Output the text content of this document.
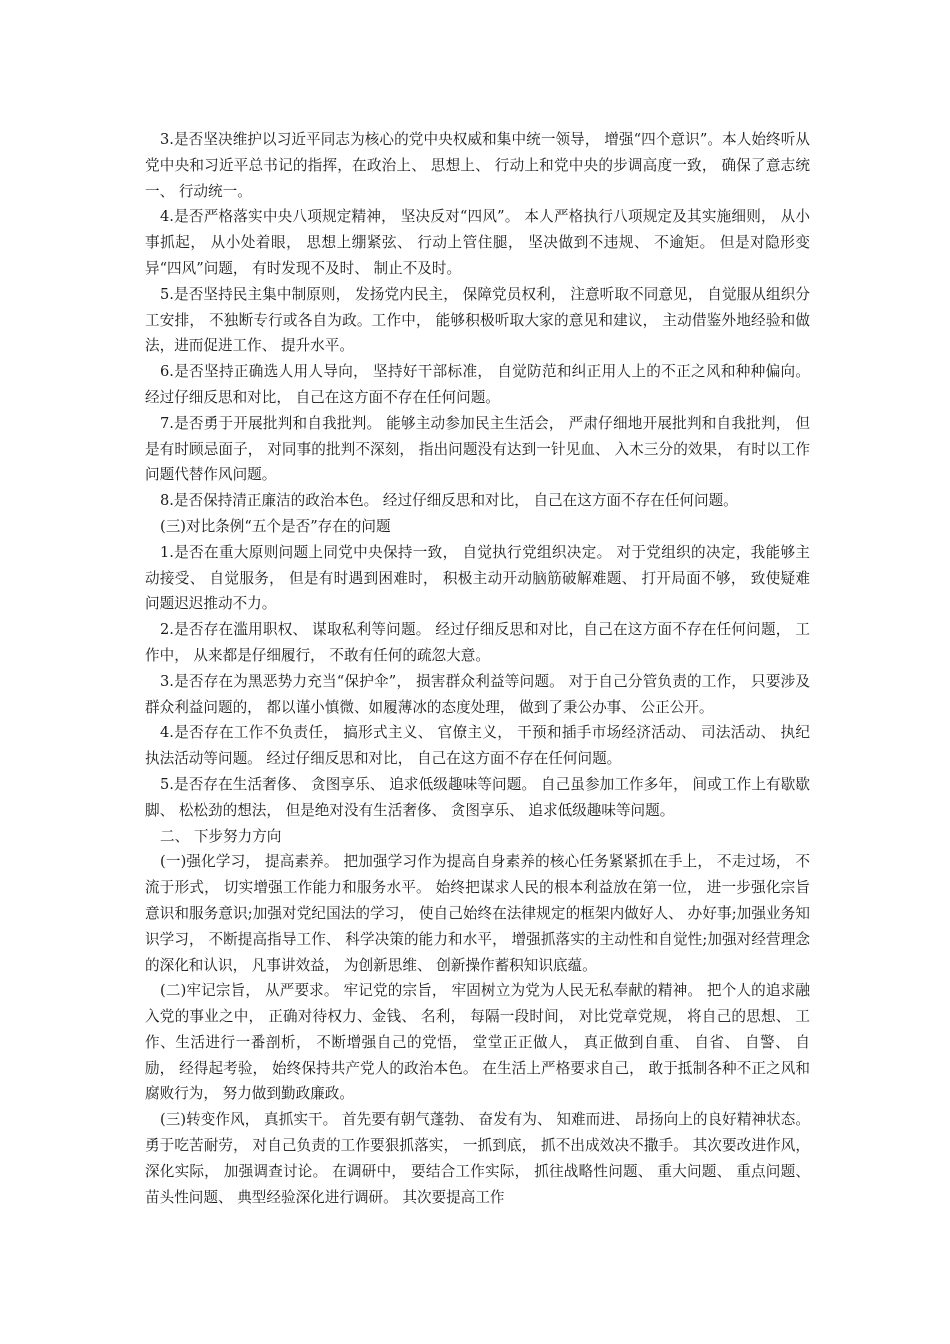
3.是否坚决维护以习近平同志为核心的党中央权威和集中统一领导， 增强“四个意识”。本人始终听从党中央和习近平总书记的指挥，在政治上、 思想上、 行动上和党中央的步调高度一致， 确保了意志统一、 行动统一。

4.是否严格落实中央八项规定精神， 坚决反对“四风”。 本人严格执行八项规定及其实施细则， 从小事抓起， 从小处着眼， 思想上绷紧弦、 行动上管住腿， 坚决做到不违规、 不逾矩。 但是对隐形变异“四风”问题， 有时发现不及时、 制止不及时。

5.是否坚持民主集中制原则， 发扬党内民主， 保障党员权利， 注意听取不同意见， 自觉服从组织分工安排， 不独断专行或各自为政。工作中， 能够积极听取大家的意见和建议， 主动借鉴外地经验和做法，进而促进工作、 提升水平。

6.是否坚持正确选人用人导向， 坚持好干部标准， 自觉防范和纠正用人上的不正之风和种种偏向。 经过仔细反思和对比， 自己在这方面不存在任何问题。

7.是否勇于开展批判和自我批判。 能够主动参加民主生活会， 严肃仔细地开展批判和自我批判， 但是有时顾忌面子， 对同事的批判不深刻， 指出问题没有达到一针见血、 入木三分的效果， 有时以工作问题代替作风问题。

8.是否保持清正廉洁的政治本色。 经过仔细反思和对比， 自己在这方面不存在任何问题。

(三)对比条例“五个是否”存在的问题

1.是否在重大原则问题上同党中央保持一致， 自觉执行党组织决定。 对于党组织的决定，我能够主动接受、 自觉服务， 但是有时遇到困难时， 积极主动开动脑筋破解难题、 打开局面不够， 致使疑难问题迟迟推动不力。

2.是否存在滥用职权、 谋取私利等问题。 经过仔细反思和对比，自己在这方面不存在任何问题， 工作中， 从来都是仔细履行， 不敢有任何的疏忽大意。

3.是否存在为黑恶势力充当“保护伞”， 损害群众利益等问题。 对于自己分管负责的工作， 只要涉及群众利益问题的， 都以谨小慎微、如履薄冰的态度处理， 做到了秉公办事、 公正公开。

4.是否存在工作不负责任， 搞形式主义、 官僚主义， 干预和插手市场经济活动、 司法活动、 执纪执法活动等问题。 经过仔细反思和对比， 自己在这方面不存在任何问题。

5.是否存在生活奢侈、 贪图享乐、 追求低级趣味等问题。 自己虽参加工作多年， 间或工作上有歇歇脚、 松松劲的想法， 但是绝对没有生活奢侈、 贪图享乐、 追求低级趣味等问题。

二、 下步努力方向

(一)强化学习， 提高素养。 把加强学习作为提高自身素养的核心任务紧紧抓在手上， 不走过场， 不流于形式， 切实增强工作能力和服务水平。 始终把谋求人民的根本利益放在第一位， 进一步强化宗旨意识和服务意识;加强对党纪国法的学习， 使自己始终在法律规定的框架内做好人、 办好事;加强业务知识学习， 不断提高指导工作、 科学决策的能力和水平， 增强抓落实的主动性和自觉性;加强对经营理念的深化和认识， 凡事讲效益， 为创新思维、 创新操作蓄积知识底蕴。

(二)牢记宗旨， 从严要求。 牢记党的宗旨， 牢固树立为党为人民无私奉献的精神。 把个人的追求融入党的事业之中， 正确对待权力、金钱、 名利， 每隔一段时间， 对比党章党规， 将自己的思想、 工作、生活进行一番剖析， 不断增强自己的党悟， 堂堂正正做人， 真正做到自重、 自省、 自警、 自励， 经得起考验， 始终保持共产党人的政治本色。 在生活上严格要求自己， 敢于抵制各种不正之风和腐败行为， 努力做到勤政廉政。

(三)转变作风， 真抓实干。 首先要有朝气蓬勃、 奋发有为、 知难而进、 昂扬向上的良好精神状态。 勇于吃苦耐劳， 对自己负责的工作要狠抓落实， 一抓到底， 抓不出成效决不撒手。 其次要改进作风， 深化实际， 加强调查讨论。 在调研中， 要结合工作实际， 抓往战略性问题、 重大问题、 重点问题、 苗头性问题、 典型经验深化进行调研。 其次要提高工作
